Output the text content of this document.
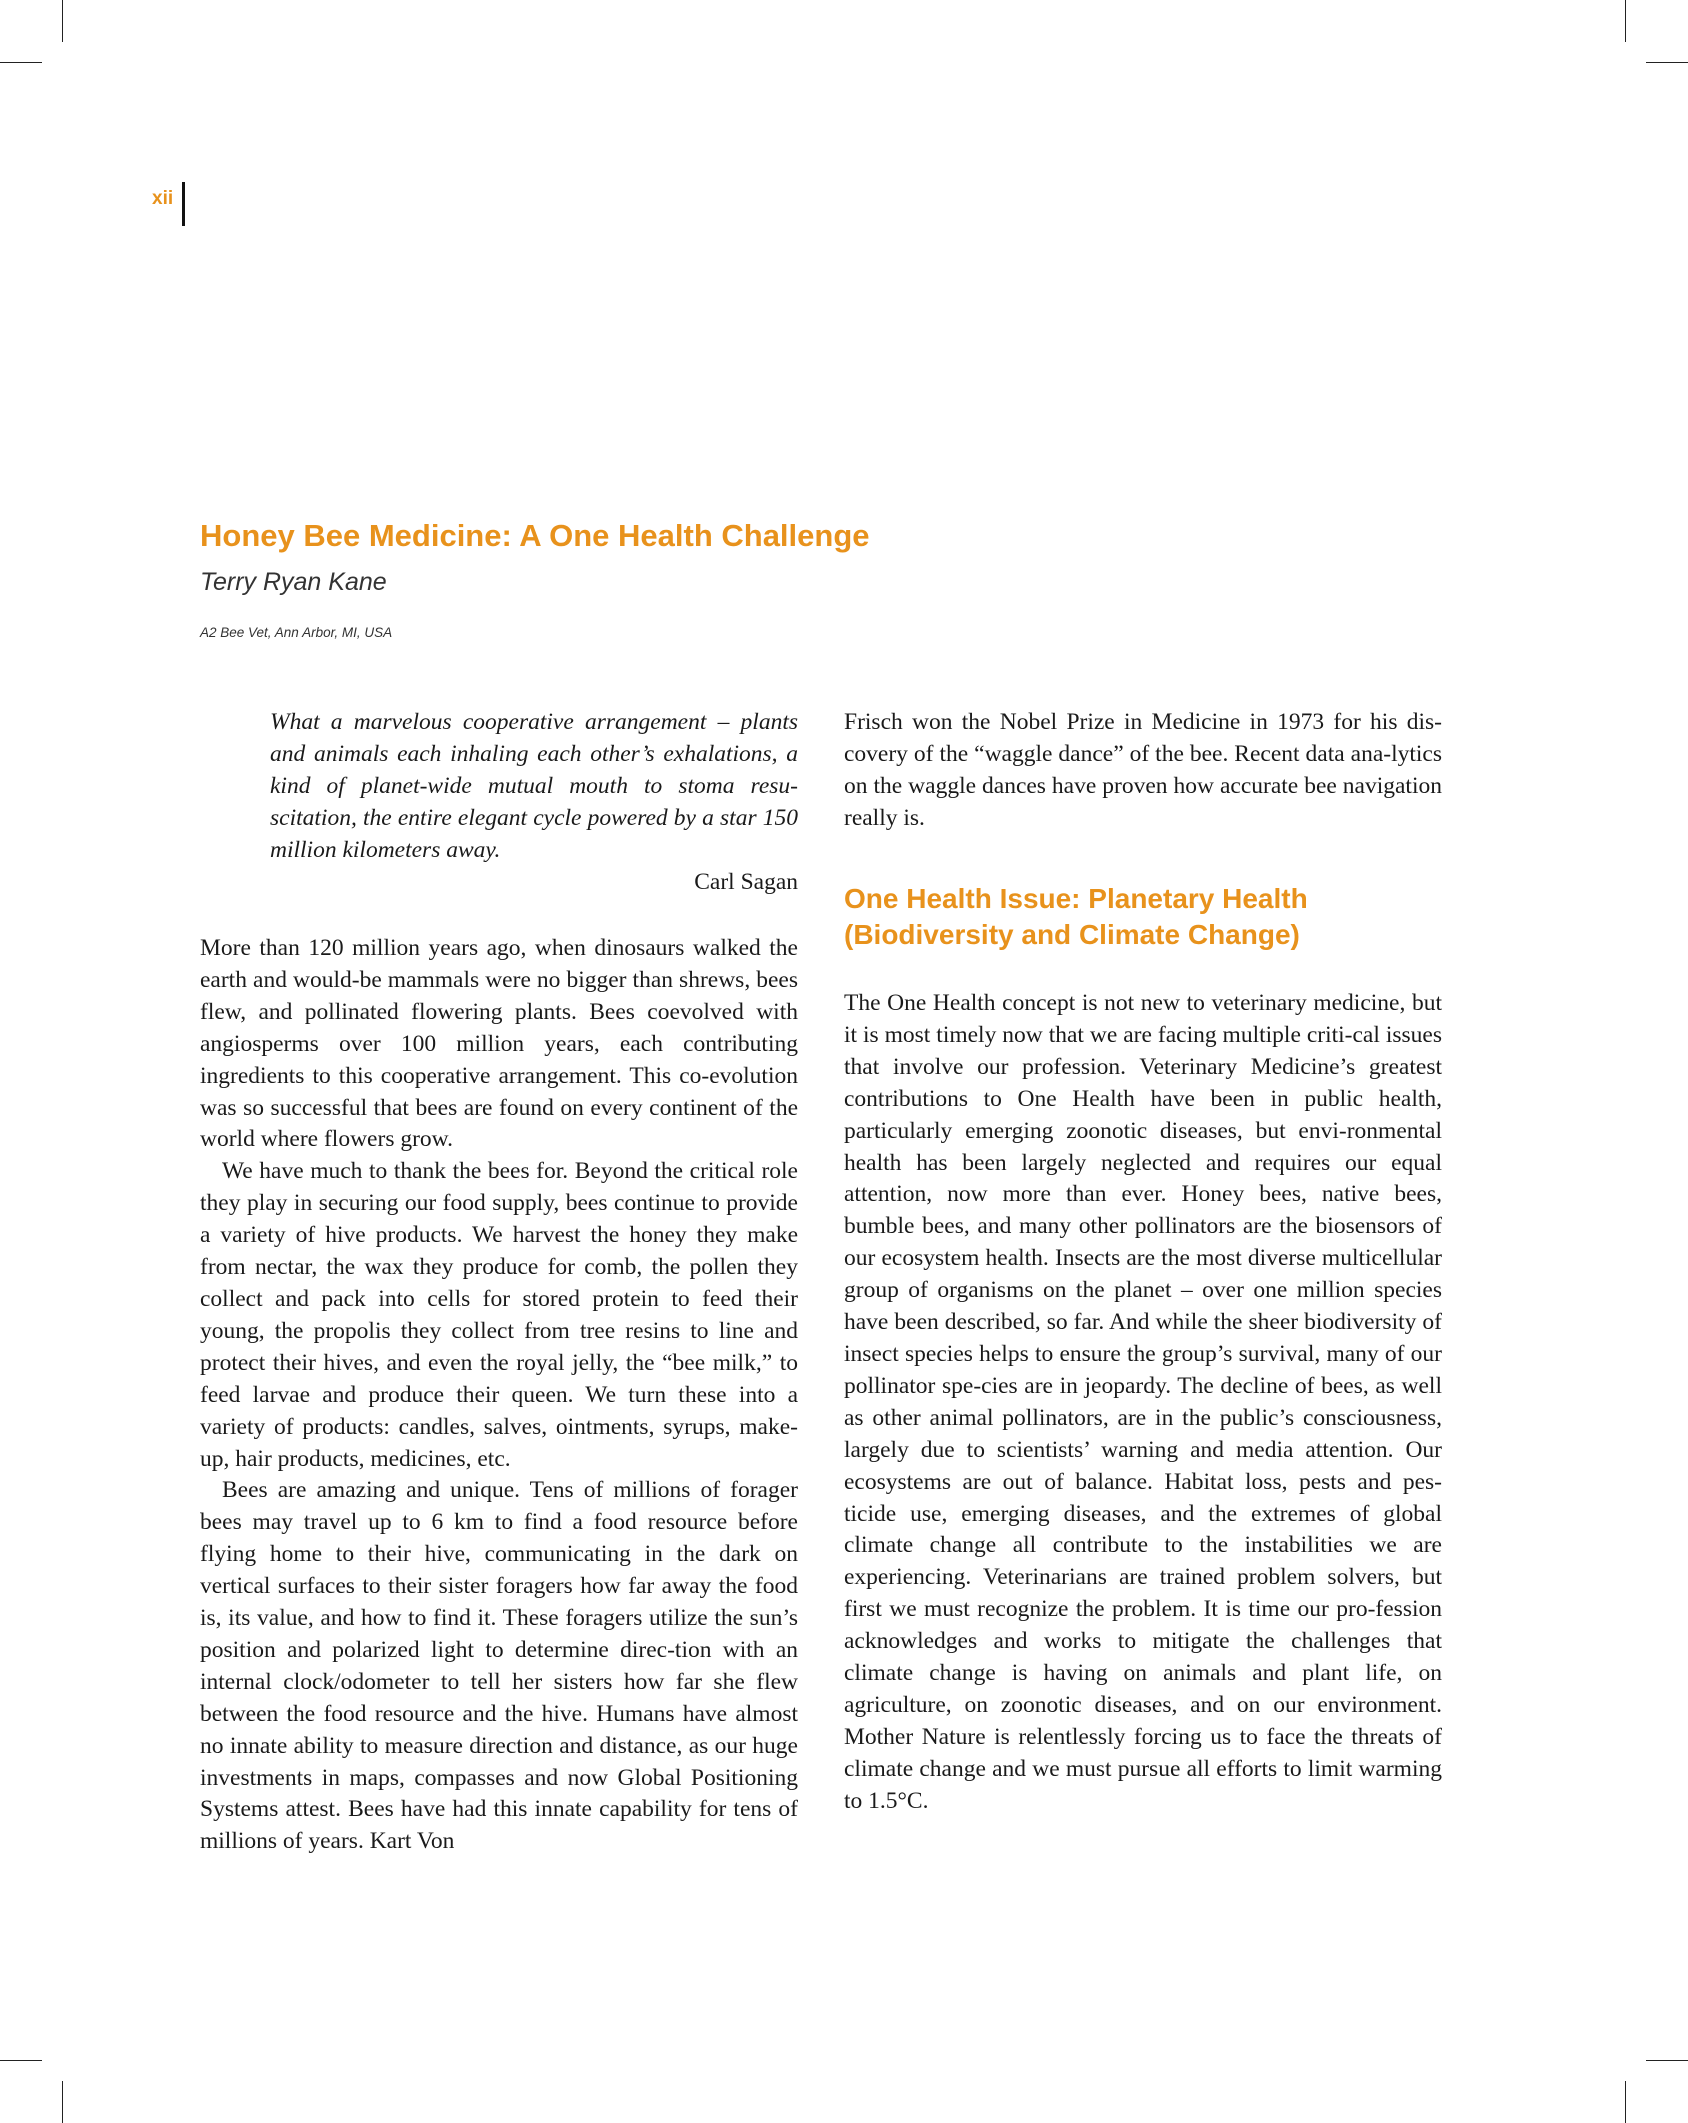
xii
Honey Bee Medicine: A One Health Challenge

Terry Ryan Kane

A2 Bee Vet, Ann Arbor, MI, USA

What a marvelous cooperative arrangement – plants and animals each inhaling each other’s exhalations, a kind of planet-wide mutual mouth to stoma resu-scitation, the entire elegant cycle powered by a star 150 million kilometers away.

Carl Sagan

More than 120 million years ago, when dinosaurs walked the earth and would-be mammals were no bigger than shrews, bees flew, and pollinated flowering plants. Bees coevolved with angiosperms over 100 million years, each contributing ingredients to this cooperative arrangement. This co-evolution was so successful that bees are found on every continent of the world where flowers grow.

We have much to thank the bees for. Beyond the critical role they play in securing our food supply, bees continue to provide a variety of hive products. We harvest the honey they make from nectar, the wax they produce for comb, the pollen they collect and pack into cells for stored protein to feed their young, the propolis they collect from tree resins to line and protect their hives, and even the royal jelly, the “bee milk,” to feed larvae and produce their queen. We turn these into a variety of products: candles, salves, ointments, syrups, make-up, hair products, medicines, etc.

Bees are amazing and unique. Tens of millions of forager bees may travel up to 6 km to find a food resource before flying home to their hive, communicating in the dark on vertical surfaces to their sister foragers how far away the food is, its value, and how to find it. These foragers utilize the sun’s position and polarized light to determine direc-tion with an internal clock/odometer to tell her sisters how far she flew between the food resource and the hive. Humans have almost no innate ability to measure direction and distance, as our huge investments in maps, compasses and now Global Positioning Systems attest. Bees have had this innate capability for tens of millions of years. Kart Von

Frisch won the Nobel Prize in Medicine in 1973 for his dis-covery of the “waggle dance” of the bee. Recent data ana-lytics on the waggle dances have proven how accurate bee navigation really is.

One Health Issue: Planetary Health (Biodiversity and Climate Change)

The One Health concept is not new to veterinary medicine, but it is most timely now that we are facing multiple criti-cal issues that involve our profession. Veterinary Medicine’s greatest contributions to One Health have been in public health, particularly emerging zoonotic diseases, but envi-ronmental health has been largely neglected and requires our equal attention, now more than ever. Honey bees, native bees, bumble bees, and many other pollinators are the biosensors of our ecosystem health. Insects are the most diverse multicellular group of organisms on the planet – over one million species have been described, so far. And while the sheer biodiversity of insect species helps to ensure the group’s survival, many of our pollinator spe-cies are in jeopardy. The decline of bees, as well as other animal pollinators, are in the public’s consciousness, largely due to scientists’ warning and media attention. Our ecosystems are out of balance. Habitat loss, pests and pes-ticide use, emerging diseases, and the extremes of global climate change all contribute to the instabilities we are experiencing. Veterinarians are trained problem solvers, but first we must recognize the problem. It is time our pro-fession acknowledges and works to mitigate the challenges that climate change is having on animals and plant life, on agriculture, on zoonotic diseases, and on our environment. Mother Nature is relentlessly forcing us to face the threats of climate change and we must pursue all efforts to limit warming to 1.5°C.
